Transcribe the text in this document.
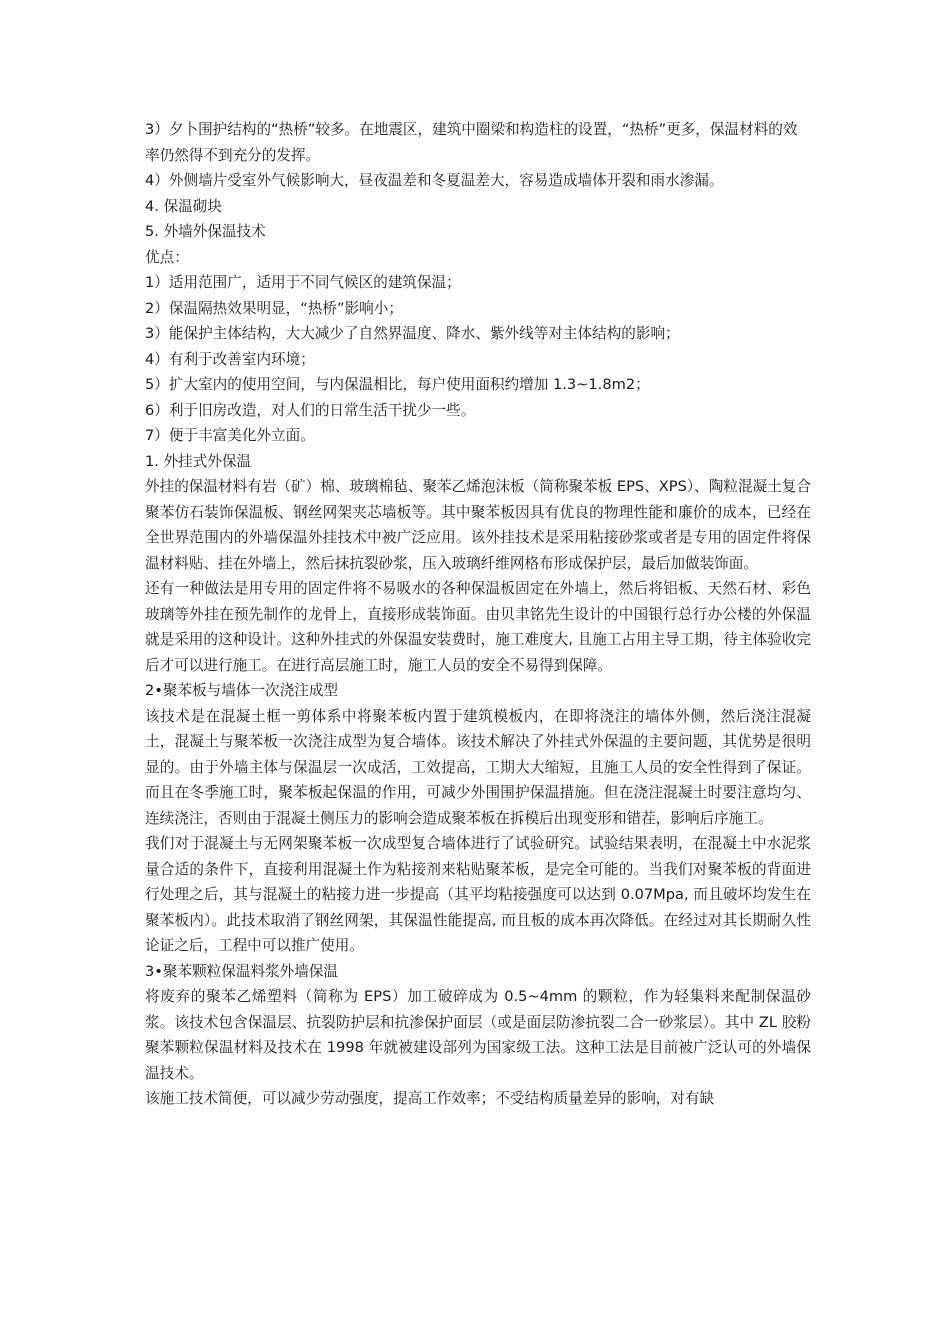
3）夕卜围护结构的“热桥”较多。在地震区，建筑中圈梁和构造柱的设置，“热桥”更多，保温材料的效率仍然得不到充分的发挥。

4）外侧墙片受室外气候影响大，昼夜温差和冬夏温差大，容易造成墙体开裂和雨水渗漏。

4. 保温砌块

5. 外墙外保温技术

优点：

1）适用范围广，适用于不同气候区的建筑保温；

2）保温隔热效果明显，“热桥”影响小；

3）能保护主体结构，大大减少了自然界温度、降水、紫外线等对主体结构的影响；

4）有利于改善室内环境；

5）扩大室内的使用空间，与内保温相比，每户使用面积约增加 1.3~1.8m2；

6）利于旧房改造，对人们的日常生活干扰少一些。

7）便于丰富美化外立面。

1. 外挂式外保温

外挂的保温材料有岩（矿）棉、玻璃棉毡、聚苯乙烯泡沫板（简称聚苯板 EPS、XPS）、陶粒混凝土复合聚苯仿石装饰保温板、钢丝网架夹芯墙板等。其中聚苯板因具有优良的物理性能和廉价的成本，已经在全世界范围内的外墙保温外挂技术中被广泛应用。该外挂技术是采用粘接砂浆或者是专用的固定件将保温材料贴、挂在外墙上，然后抹抗裂砂浆，压入玻璃纤维网格布形成保护层，最后加做装饰面。

还有一种做法是用专用的固定件将不易吸水的各种保温板固定在外墙上，然后将铝板、天然石材、彩色玻璃等外挂在预先制作的龙骨上，直接形成装饰面。由贝聿铭先生设计的中国银行总行办公楼的外保温就是采用的这种设计。这种外挂式的外保温安装费时，施工难度大, 且施工占用主导工期，待主体验收完后才可以进行施工。在进行高层施工时，施工人员的安全不易得到保障。

2•聚苯板与墙体一次浇注成型

该技术是在混凝土框一剪体系中将聚苯板内置于建筑模板内，在即将浇注的墙体外侧，然后浇注混凝土，混凝土与聚苯板一次浇注成型为复合墙体。该技术解决了外挂式外保温的主要问题，其优势是很明显的。由于外墙主体与保温层一次成活，工效提高，工期大大缩短，且施工人员的安全性得到了保证。而且在冬季施工时，聚苯板起保温的作用，可减少外围围护保温措施。但在浇注混凝土时要注意均匀、连续浇注，否则由于混凝土侧压力的影响会造成聚苯板在拆模后出现变形和错茬，影响后序施工。

我们对于混凝土与无网架聚苯板一次成型复合墙体进行了试验研究。试验结果表明，在混凝土中水泥浆量合适的条件下，直接利用混凝土作为粘接剂来粘贴聚苯板，是完全可能的。当我们对聚苯板的背面进行处理之后，其与混凝土的粘接力进一步提高（其平均粘接强度可以达到 0.07Mpa, 而且破坏均发生在聚苯板内）。此技术取消了钢丝网架，其保温性能提高, 而且板的成本再次降低。在经过对其长期耐久性论证之后，工程中可以推广使用。

3•聚苯颗粒保温料浆外墙保温

将废弃的聚苯乙烯塑料（简称为 EPS）加工破碎成为 0.5~4mm 的颗粒，作为轻集料来配制保温砂浆。该技术包含保温层、抗裂防护层和抗渗保护面层（或是面层防渗抗裂二合一砂浆层）。其中 ZL 胶粉聚苯颗粒保温材料及技术在 1998 年就被建设部列为国家级工法。这种工法是目前被广泛认可的外墙保温技术。

该施工技术简便，可以减少劳动强度，提高工作效率；不受结构质量差异的影响，对有缺
